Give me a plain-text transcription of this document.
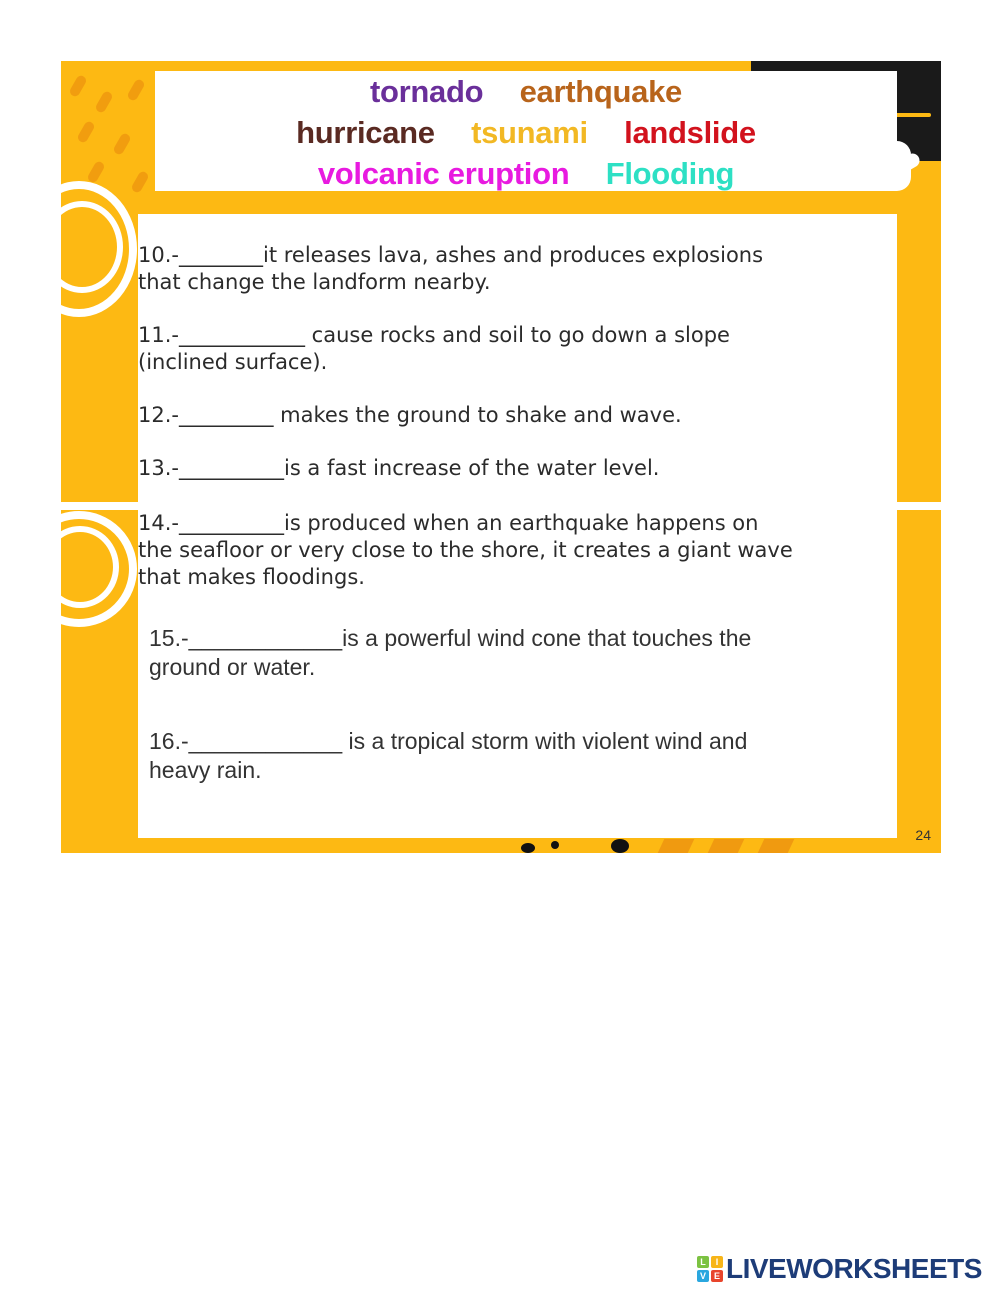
tornado earthquake
hurricane tsunami landslide
volcanic eruption Flooding
10.-________it releases lava, ashes and produces explosions
that change the landform nearby.
11.-____________ cause rocks and soil to go down a slope
(inclined surface).
12.-_________ makes the ground to shake and wave.
13.-__________is a fast increase of the water level.
14.-__________is produced when an earthquake happens on
the seafloor or very close to the shore, it creates a giant wave
that makes floodings.
15.-____________is a powerful wind cone that touches the
ground or water.
16.-____________ is a tropical storm with violent wind and
heavy rain.
24
L	I
V E LIVEWORKSHEETS
